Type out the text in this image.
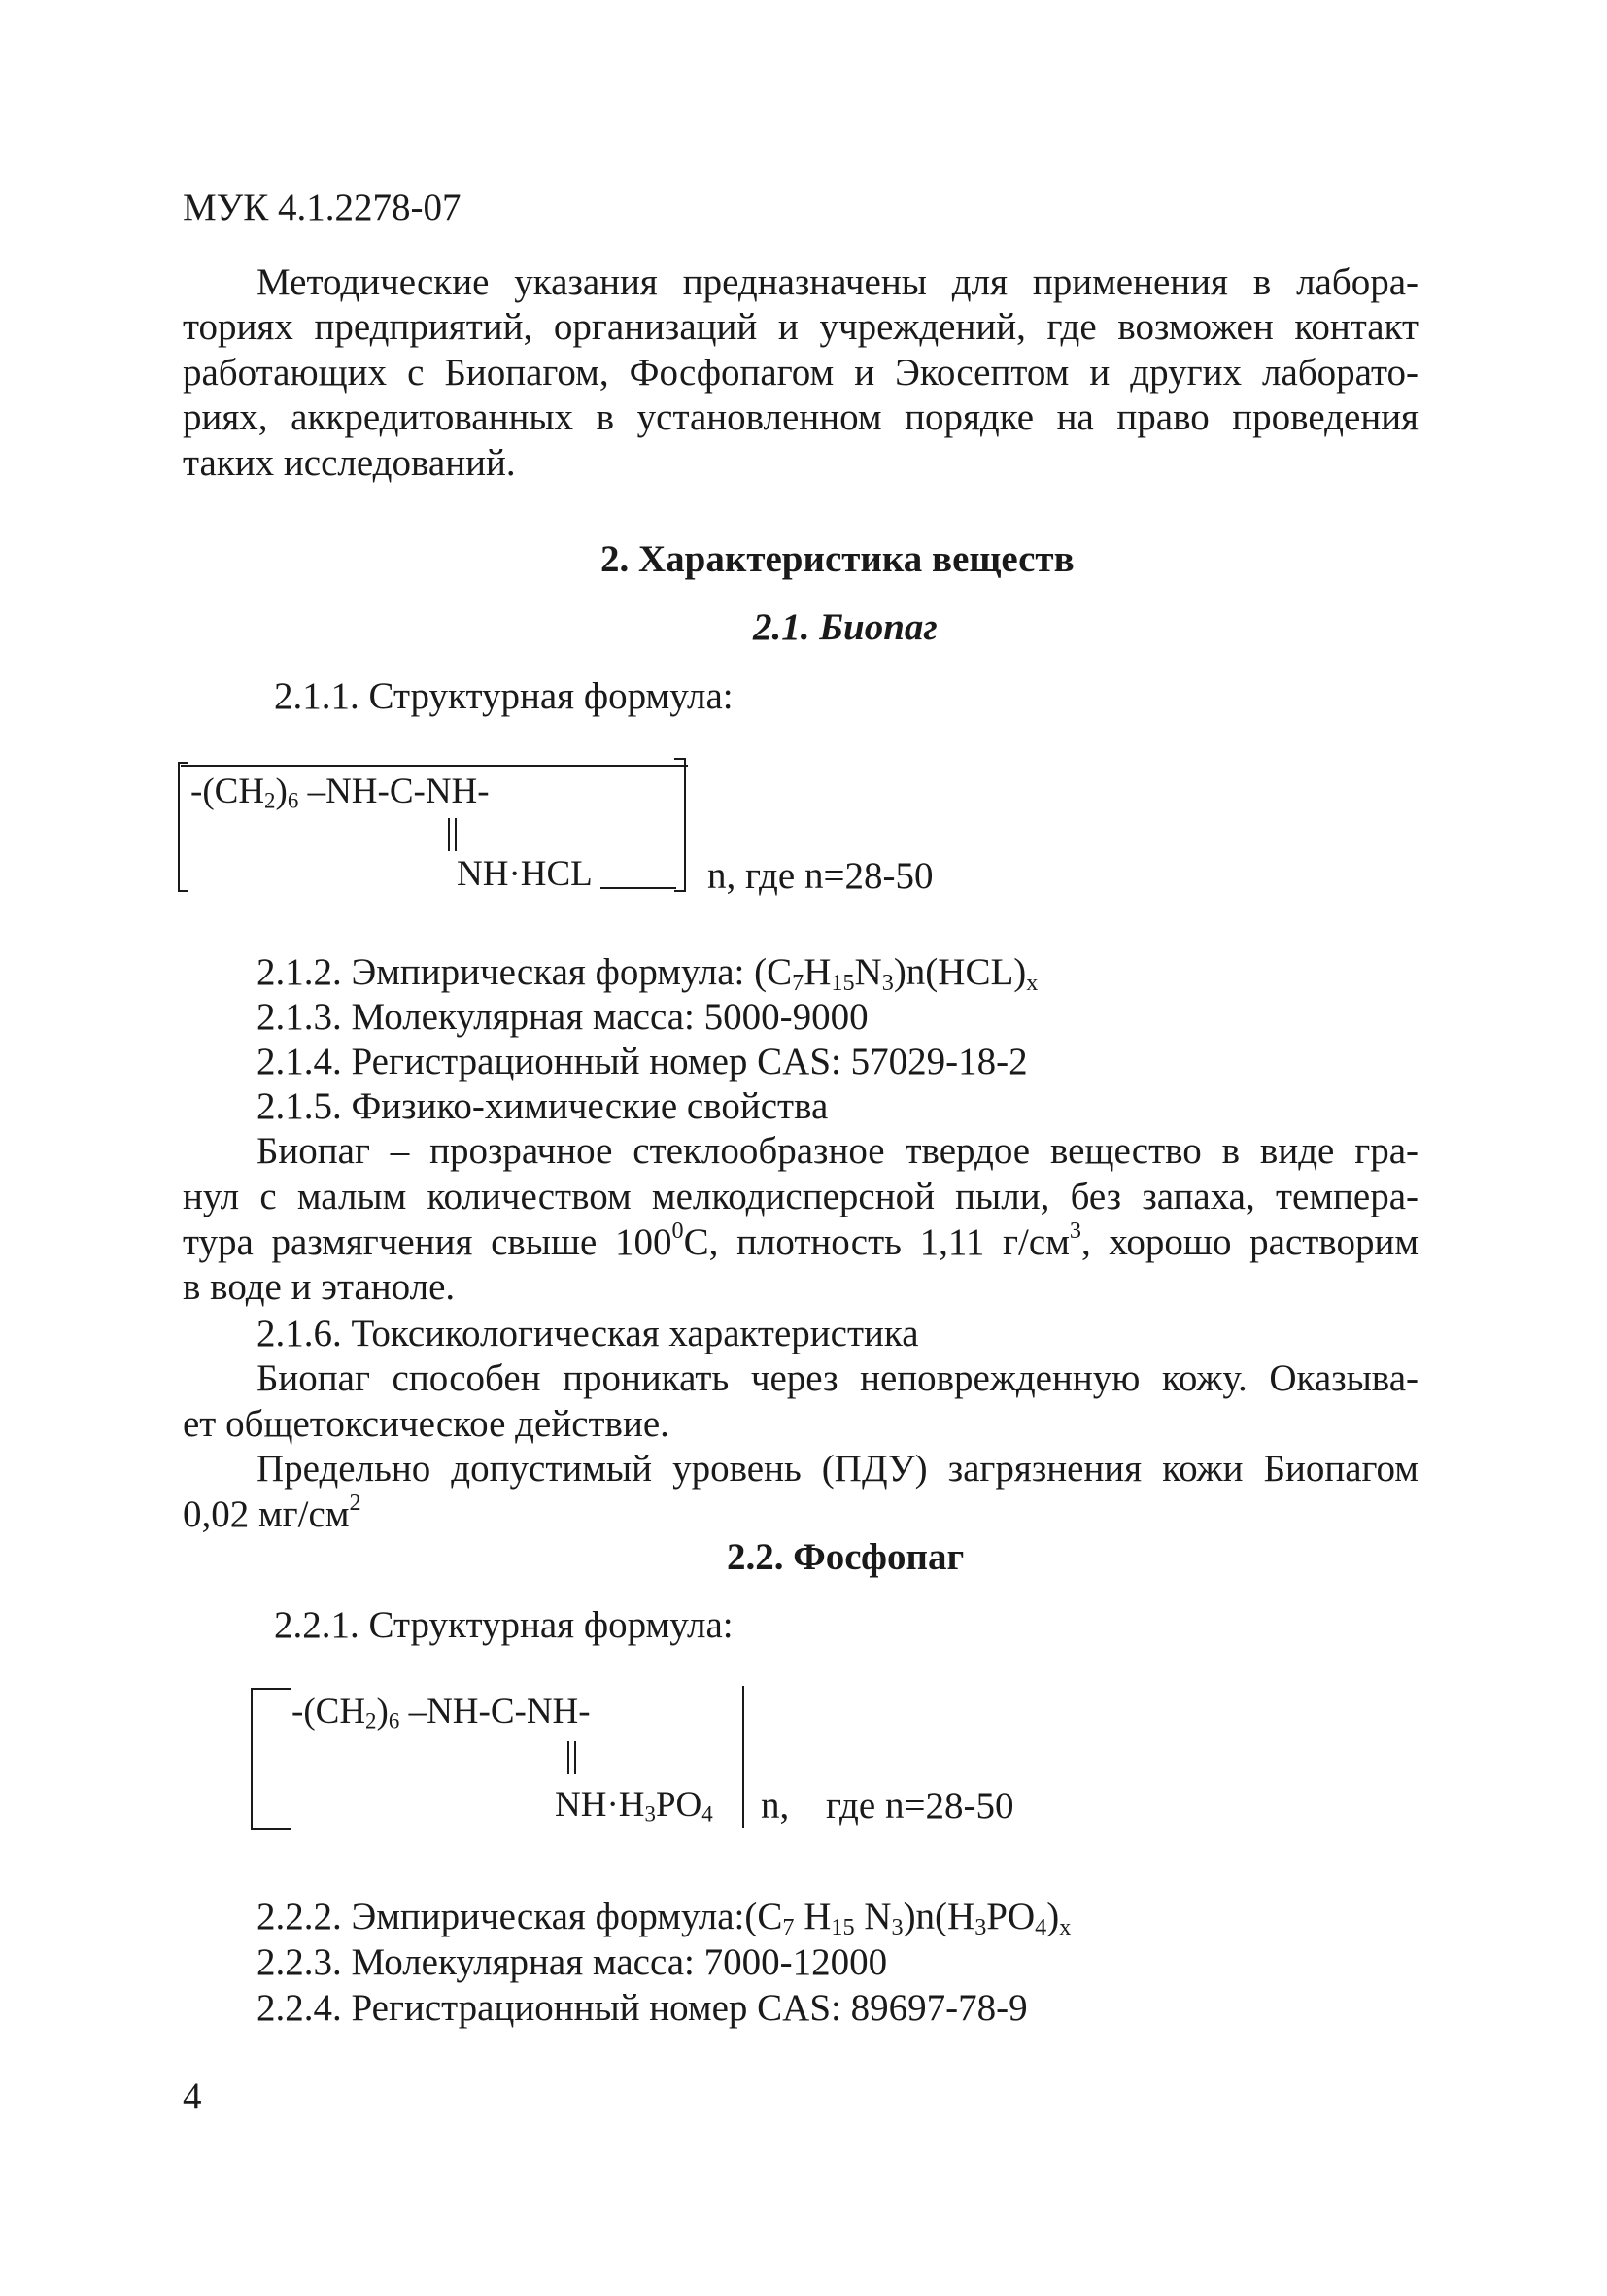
МУК 4.1.2278-07
Методические указания предназначены для применения в лабора-
ториях предприятий, организаций и учреждений, где возможен контакт
работающих с Биопагом, Фосфопагом и Экосептом и других лаборато-
риях, аккредитованных в установленном порядке на право проведения
таких исследований.
2. Характеристика веществ
2.1. Биопаг
2.1.1. Структурная формула:
$-(CH_2)_6$ –NH-C-NH-
NH·HCL	n, где n=28-50
2.1.2. Эмпирическая формула: $(C_7H_{15}N_3)n(HCL)_x$
2.1.3. Молекулярная масса: 5000-9000
2.1.4. Регистрационный номер CAS: 57029-18-2
2.1.5. Физико-химические свойства
Биопаг – прозрачное стеклообразное твердое вещество в виде гра-
нул с малым количеством мелкодисперсной пыли, без запаха, темпера-
тура размягчения свыше $100^0С$, плотность 1,11 $г/см^3$, хорошо растворим
в воде и этаноле.
2.1.6. Токсикологическая характеристика
Биопаг способен проникать через неповрежденную кожу. Оказыва-
ет общетоксическое действие.
Предельно допустимый уровень (ПДУ) загрязнения кожи Биопагом
0,02 $мг/см^2$
2.2. Фосфопаг
2.2.1. Структурная формула:
$-(CH_2)_6$ –NH-C-NH-
$NH\cdot H_3PO_4$ n, где n=28-50
2.2.2. Эмпирическая $формула:(C_7$ $H_{15}$ $N_3)n(H_3PO_4)_x$
2.2.3. Молекулярная масса: 7000-12000
2.2.4. Регистрационный номер CAS: 89697-78-9
4
